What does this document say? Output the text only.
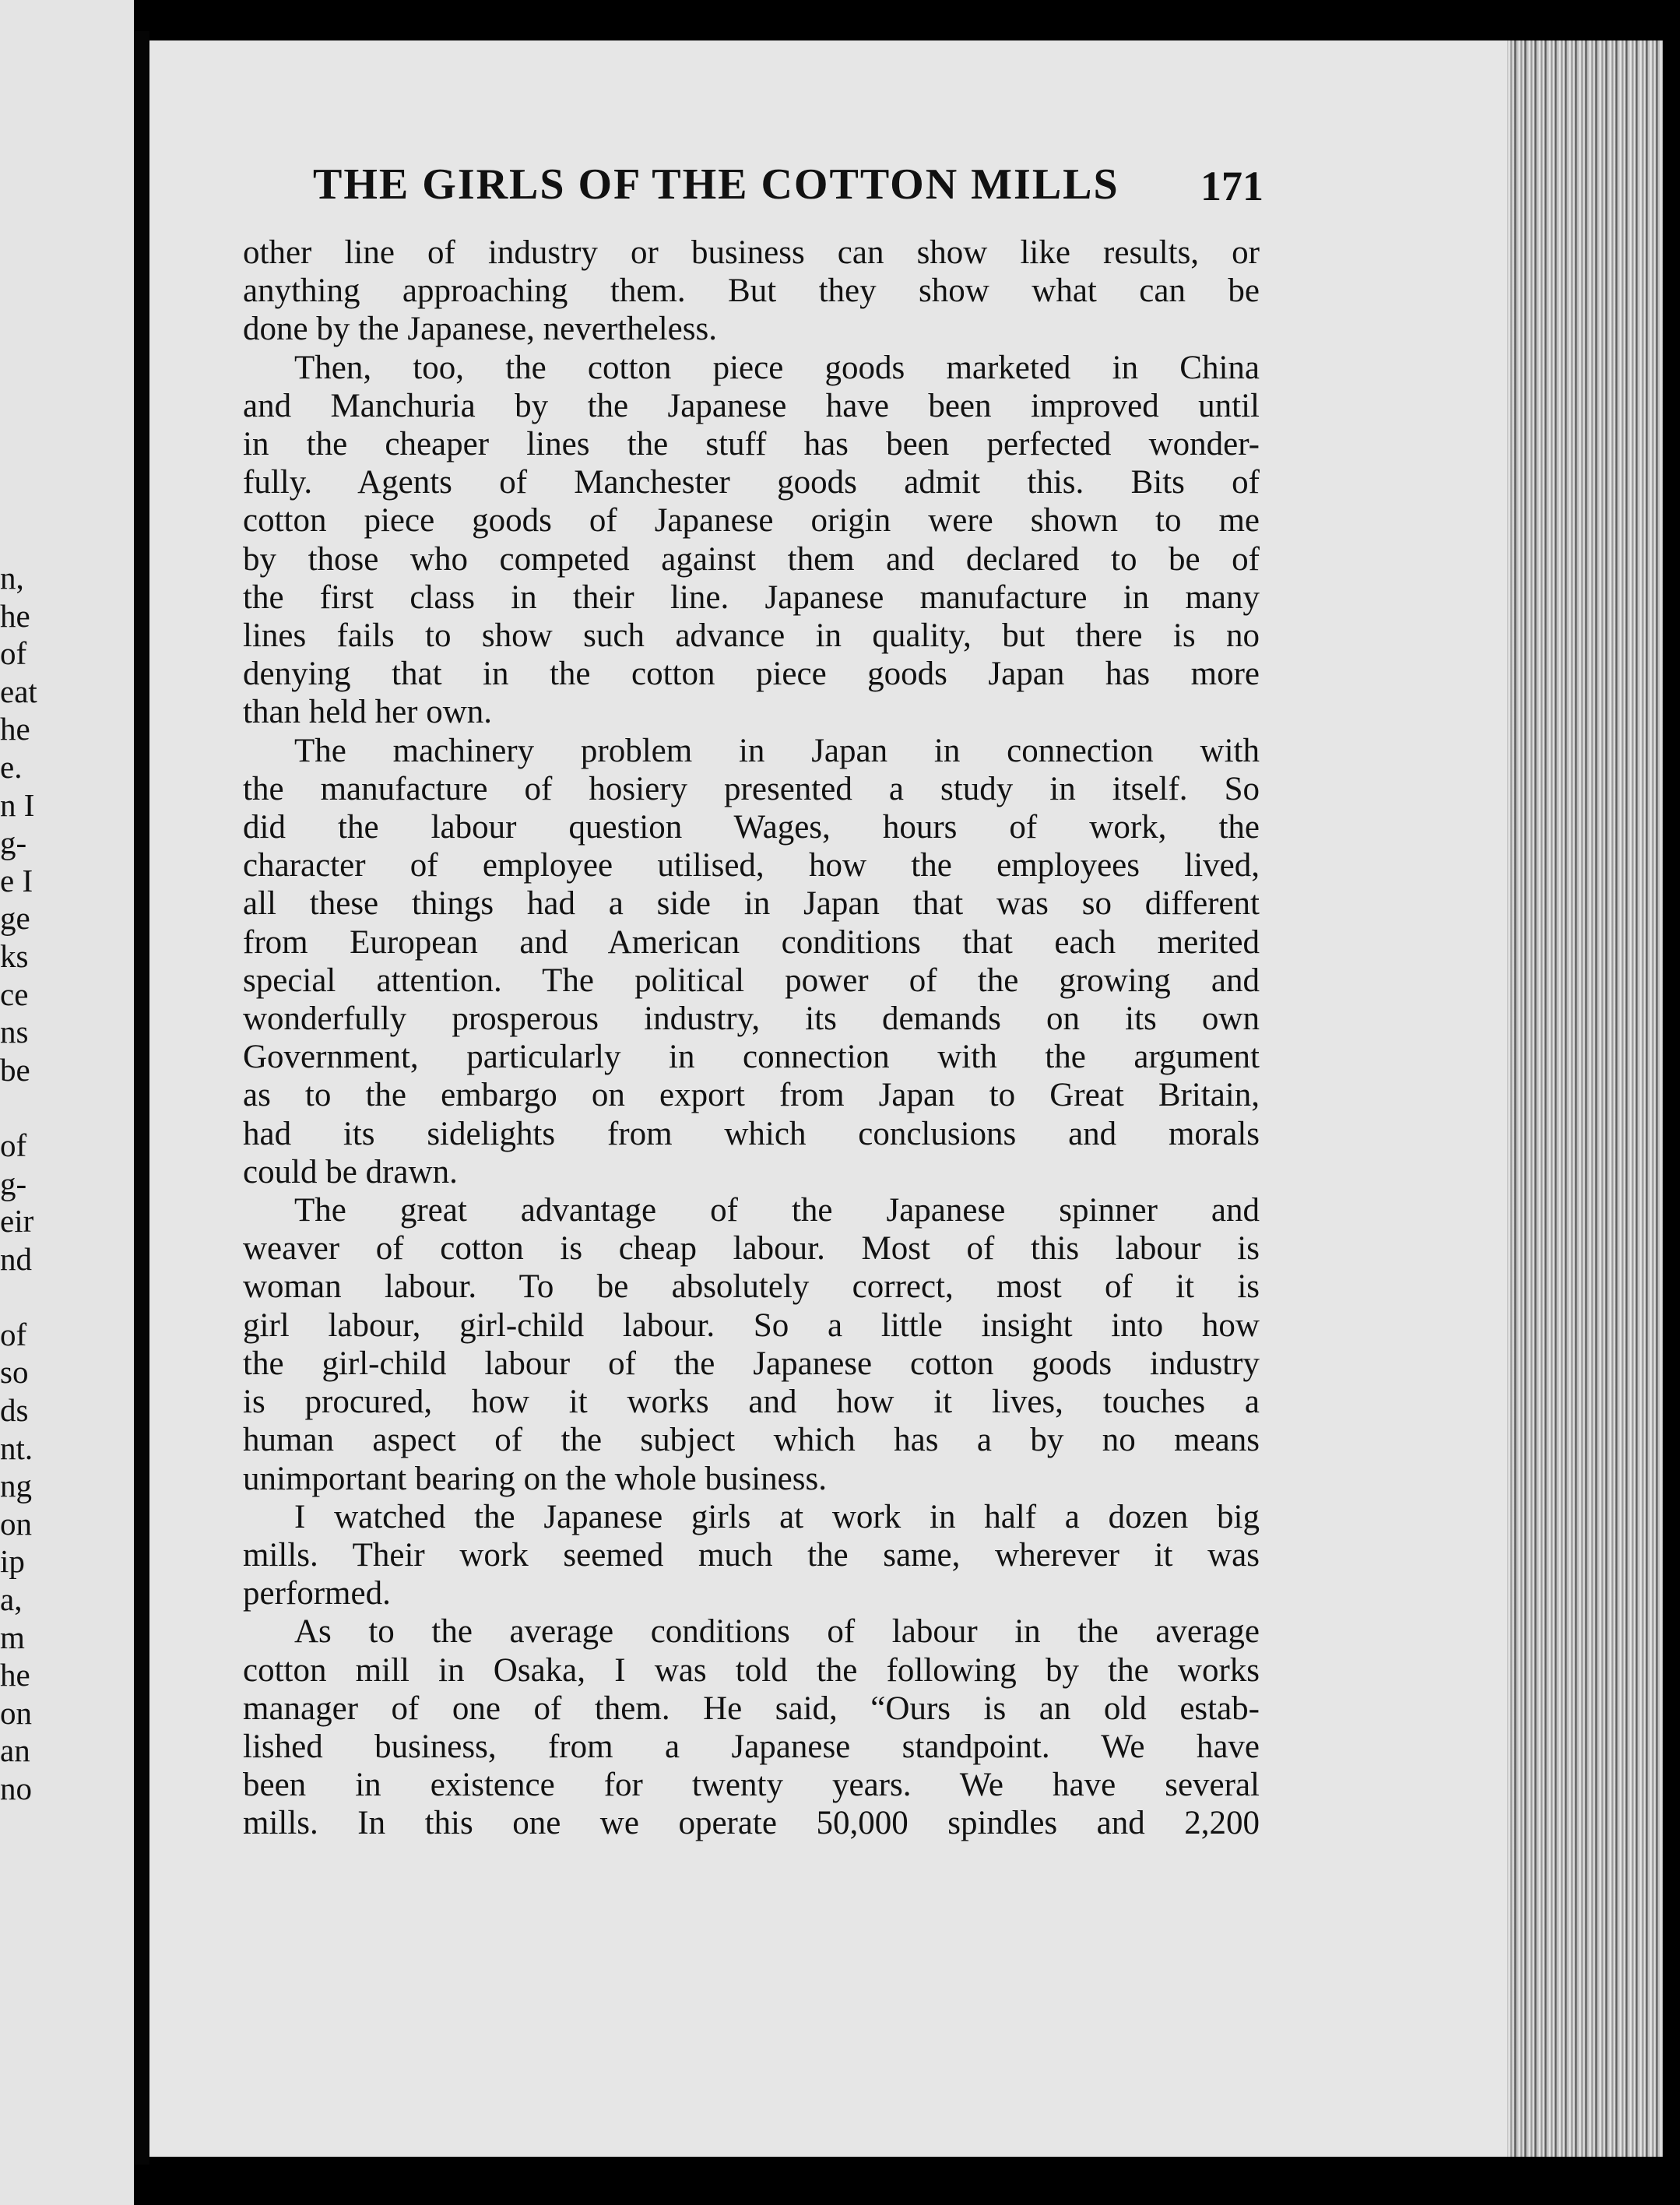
n,
he
of
eat
he
e.
n I
g-
e I
ge
ks
ce
ns
be

of
g-
eir
nd

of
so
ds
nt.
ng
on
ip
a,
m
he
on
an
no
THE GIRLS OF THE COTTON MILLS	171
other line of industry or business can show like results, or
anything approaching them. But they show what can be
done by the Japanese, nevertheless.
Then, too, the cotton piece goods marketed in China
and Manchuria by the Japanese have been improved until
in the cheaper lines the stuff has been perfected wonder-
fully. Agents of Manchester goods admit this. Bits of
cotton piece goods of Japanese origin were shown to me
by those who competed against them and declared to be of
the first class in their line. Japanese manufacture in many
lines fails to show such advance in quality, but there is no
denying that in the cotton piece goods Japan has more
than held her own.
The machinery problem in Japan in connection with
the manufacture of hosiery presented a study in itself. So
did the labour question Wages, hours of work, the
character of employee utilised, how the employees lived,
all these things had a side in Japan that was so different
from European and American conditions that each merited
special attention. The political power of the growing and
wonderfully prosperous industry, its demands on its own
Government, particularly in connection with the argument
as to the embargo on export from Japan to Great Britain,
had its sidelights from which conclusions and morals
could be drawn.
The great advantage of the Japanese spinner and
weaver of cotton is cheap labour. Most of this labour is
woman labour. To be absolutely correct, most of it is
girl labour, girl-child labour. So a little insight into how
the girl-child labour of the Japanese cotton goods industry
is procured, how it works and how it lives, touches a
human aspect of the subject which has a by no means
unimportant bearing on the whole business.
I watched the Japanese girls at work in half a dozen big
mills. Their work seemed much the same, wherever it was
performed.
As to the average conditions of labour in the average
cotton mill in Osaka, I was told the following by the works
manager of one of them. He said, “Ours is an old estab-
lished business, from a Japanese standpoint. We have
been in existence for twenty years. We have several
mills. In this one we operate 50,000 spindles and 2,200
